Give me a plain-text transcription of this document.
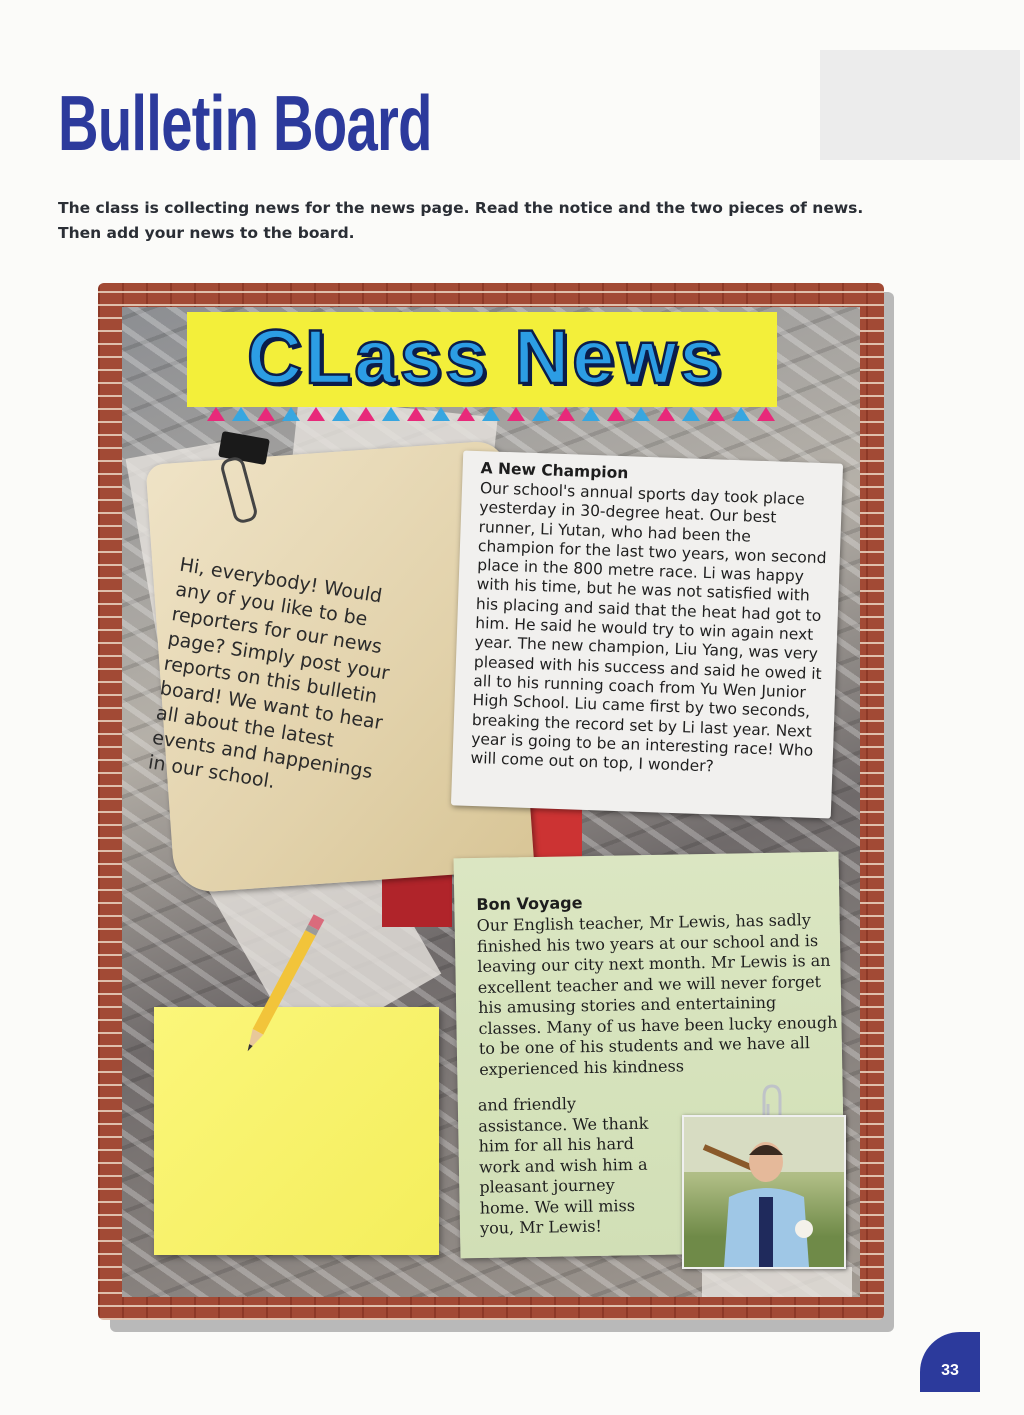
Bulletin Board
The class is collecting news for the news page. Read the notice and the two pieces of news. Then add your news to the board.
CLass News
Hi, everybody! Would any of you like to be reporters for our news page? Simply post your reports on this bulletin board! We want to hear all about the latest events and happenings in our school.
A New Champion
Our school's annual sports day took place yesterday in 30-degree heat. Our best runner, Li Yutan, who had been the champion for the last two years, won second place in the 800 metre race. Li was happy with his time, but he was not satisfied with his placing and said that the heat had got to him. He said he would try to win again next year. The new champion, Liu Yang, was very pleased with his success and said he owed it all to his running coach from Yu Wen Junior High School. Liu came first by two seconds, breaking the record set by Li last year. Next year is going to be an interesting race! Who will come out on top, I wonder?
Bon Voyage
Our English teacher, Mr Lewis, has sadly finished his two years at our school and is leaving our city next month. Mr Lewis is an excellent teacher and we will never forget his amusing stories and entertaining classes. Many of us have been lucky enough to be one of his students and we have all experienced his kindness
and friendly assistance. We thank him for all his hard work and wish him a pleasant journey home. We will miss you, Mr Lewis!
33
